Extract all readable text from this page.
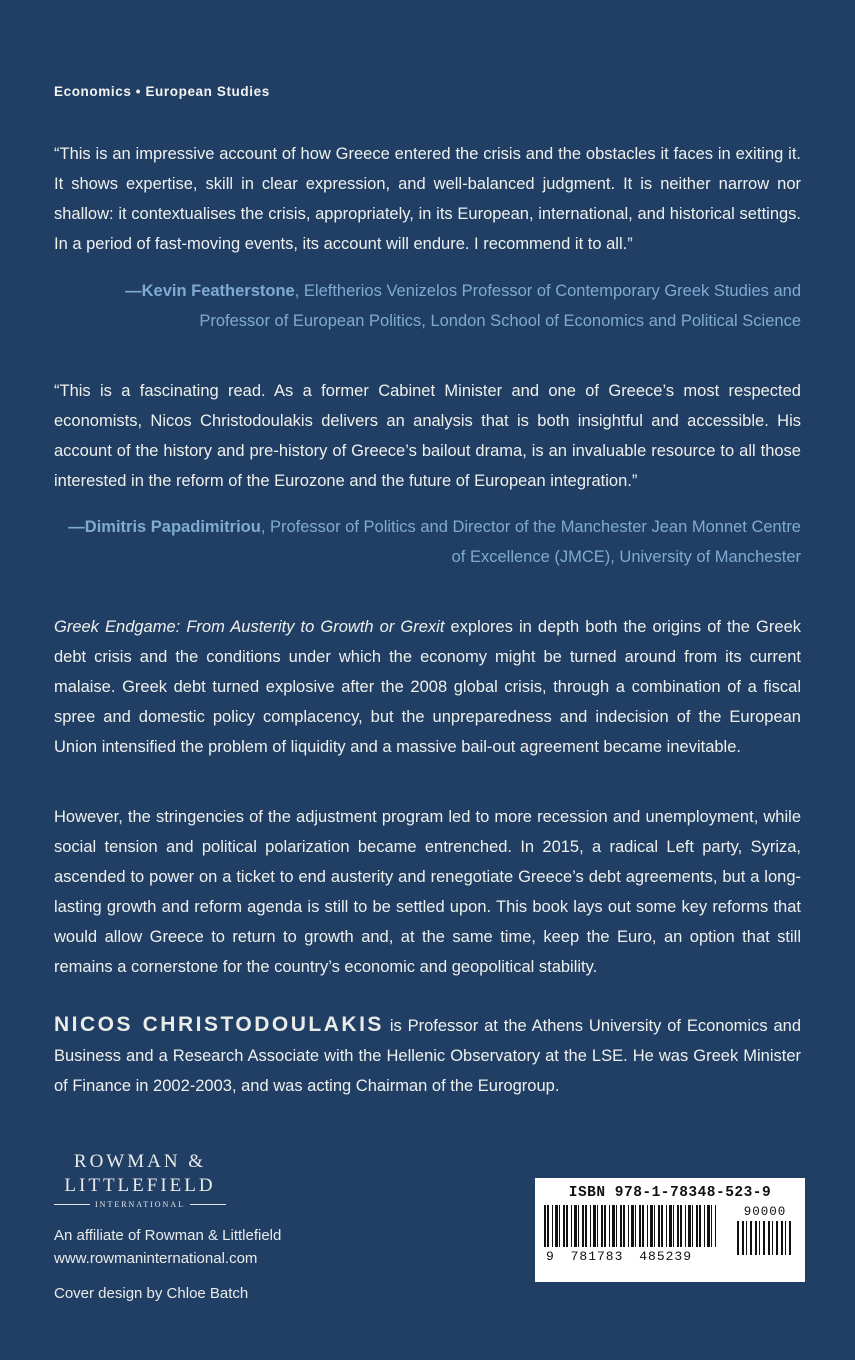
Economics • European Studies

“This is an impressive account of how Greece entered the crisis and the obstacles it faces in exiting it. It shows expertise, skill in clear expression, and well-balanced judgment. It is neither narrow nor shallow: it contextualises the crisis, appropriately, in its European, international, and historical settings. In a period of fast-moving events, its account will endure. I recommend it to all.”

—Kevin Featherstone, Eleftherios Venizelos Professor of Contemporary Greek Studies and Professor of European Politics, London School of Economics and Political Science

“This is a fascinating read. As a former Cabinet Minister and one of Greece’s most respected economists, Nicos Christodoulakis delivers an analysis that is both insightful and accessible. His account of the history and pre-history of Greece’s bailout drama, is an invaluable resource to all those interested in the reform of the Eurozone and the future of European integration.”

—Dimitris Papadimitriou, Professor of Politics and Director of the Manchester Jean Monnet Centre of Excellence (JMCE), University of Manchester

Greek Endgame: From Austerity to Growth or Grexit explores in depth both the origins of the Greek debt crisis and the conditions under which the economy might be turned around from its current malaise. Greek debt turned explosive after the 2008 global crisis, through a combination of a fiscal spree and domestic policy complacency, but the unpreparedness and indecision of the European Union intensified the problem of liquidity and a massive bail-out agreement became inevitable.

However, the stringencies of the adjustment program led to more recession and unemployment, while social tension and political polarization became entrenched. In 2015, a radical Left party, Syriza, ascended to power on a ticket to end austerity and renegotiate Greece’s debt agreements, but a long-lasting growth and reform agenda is still to be settled upon. This book lays out some key reforms that would allow Greece to return to growth and, at the same time, keep the Euro, an option that still remains a cornerstone for the country’s economic and geopolitical stability.

NICOS CHRISTODOULAKIS is Professor at the Athens University of Economics and Business and a Research Associate with the Hellenic Observatory at the LSE. He was Greek Minister of Finance in 2002-2003, and was acting Chairman of the Eurogroup.

ROWMAN &
LITTLEFIELD
INTERNATIONAL
An affiliate of Rowman & Littlefield
www.rowmaninternational.com
Cover design by Chloe Batch
ISBN 978-1-78348-523-9
9 781783 485239
90000
